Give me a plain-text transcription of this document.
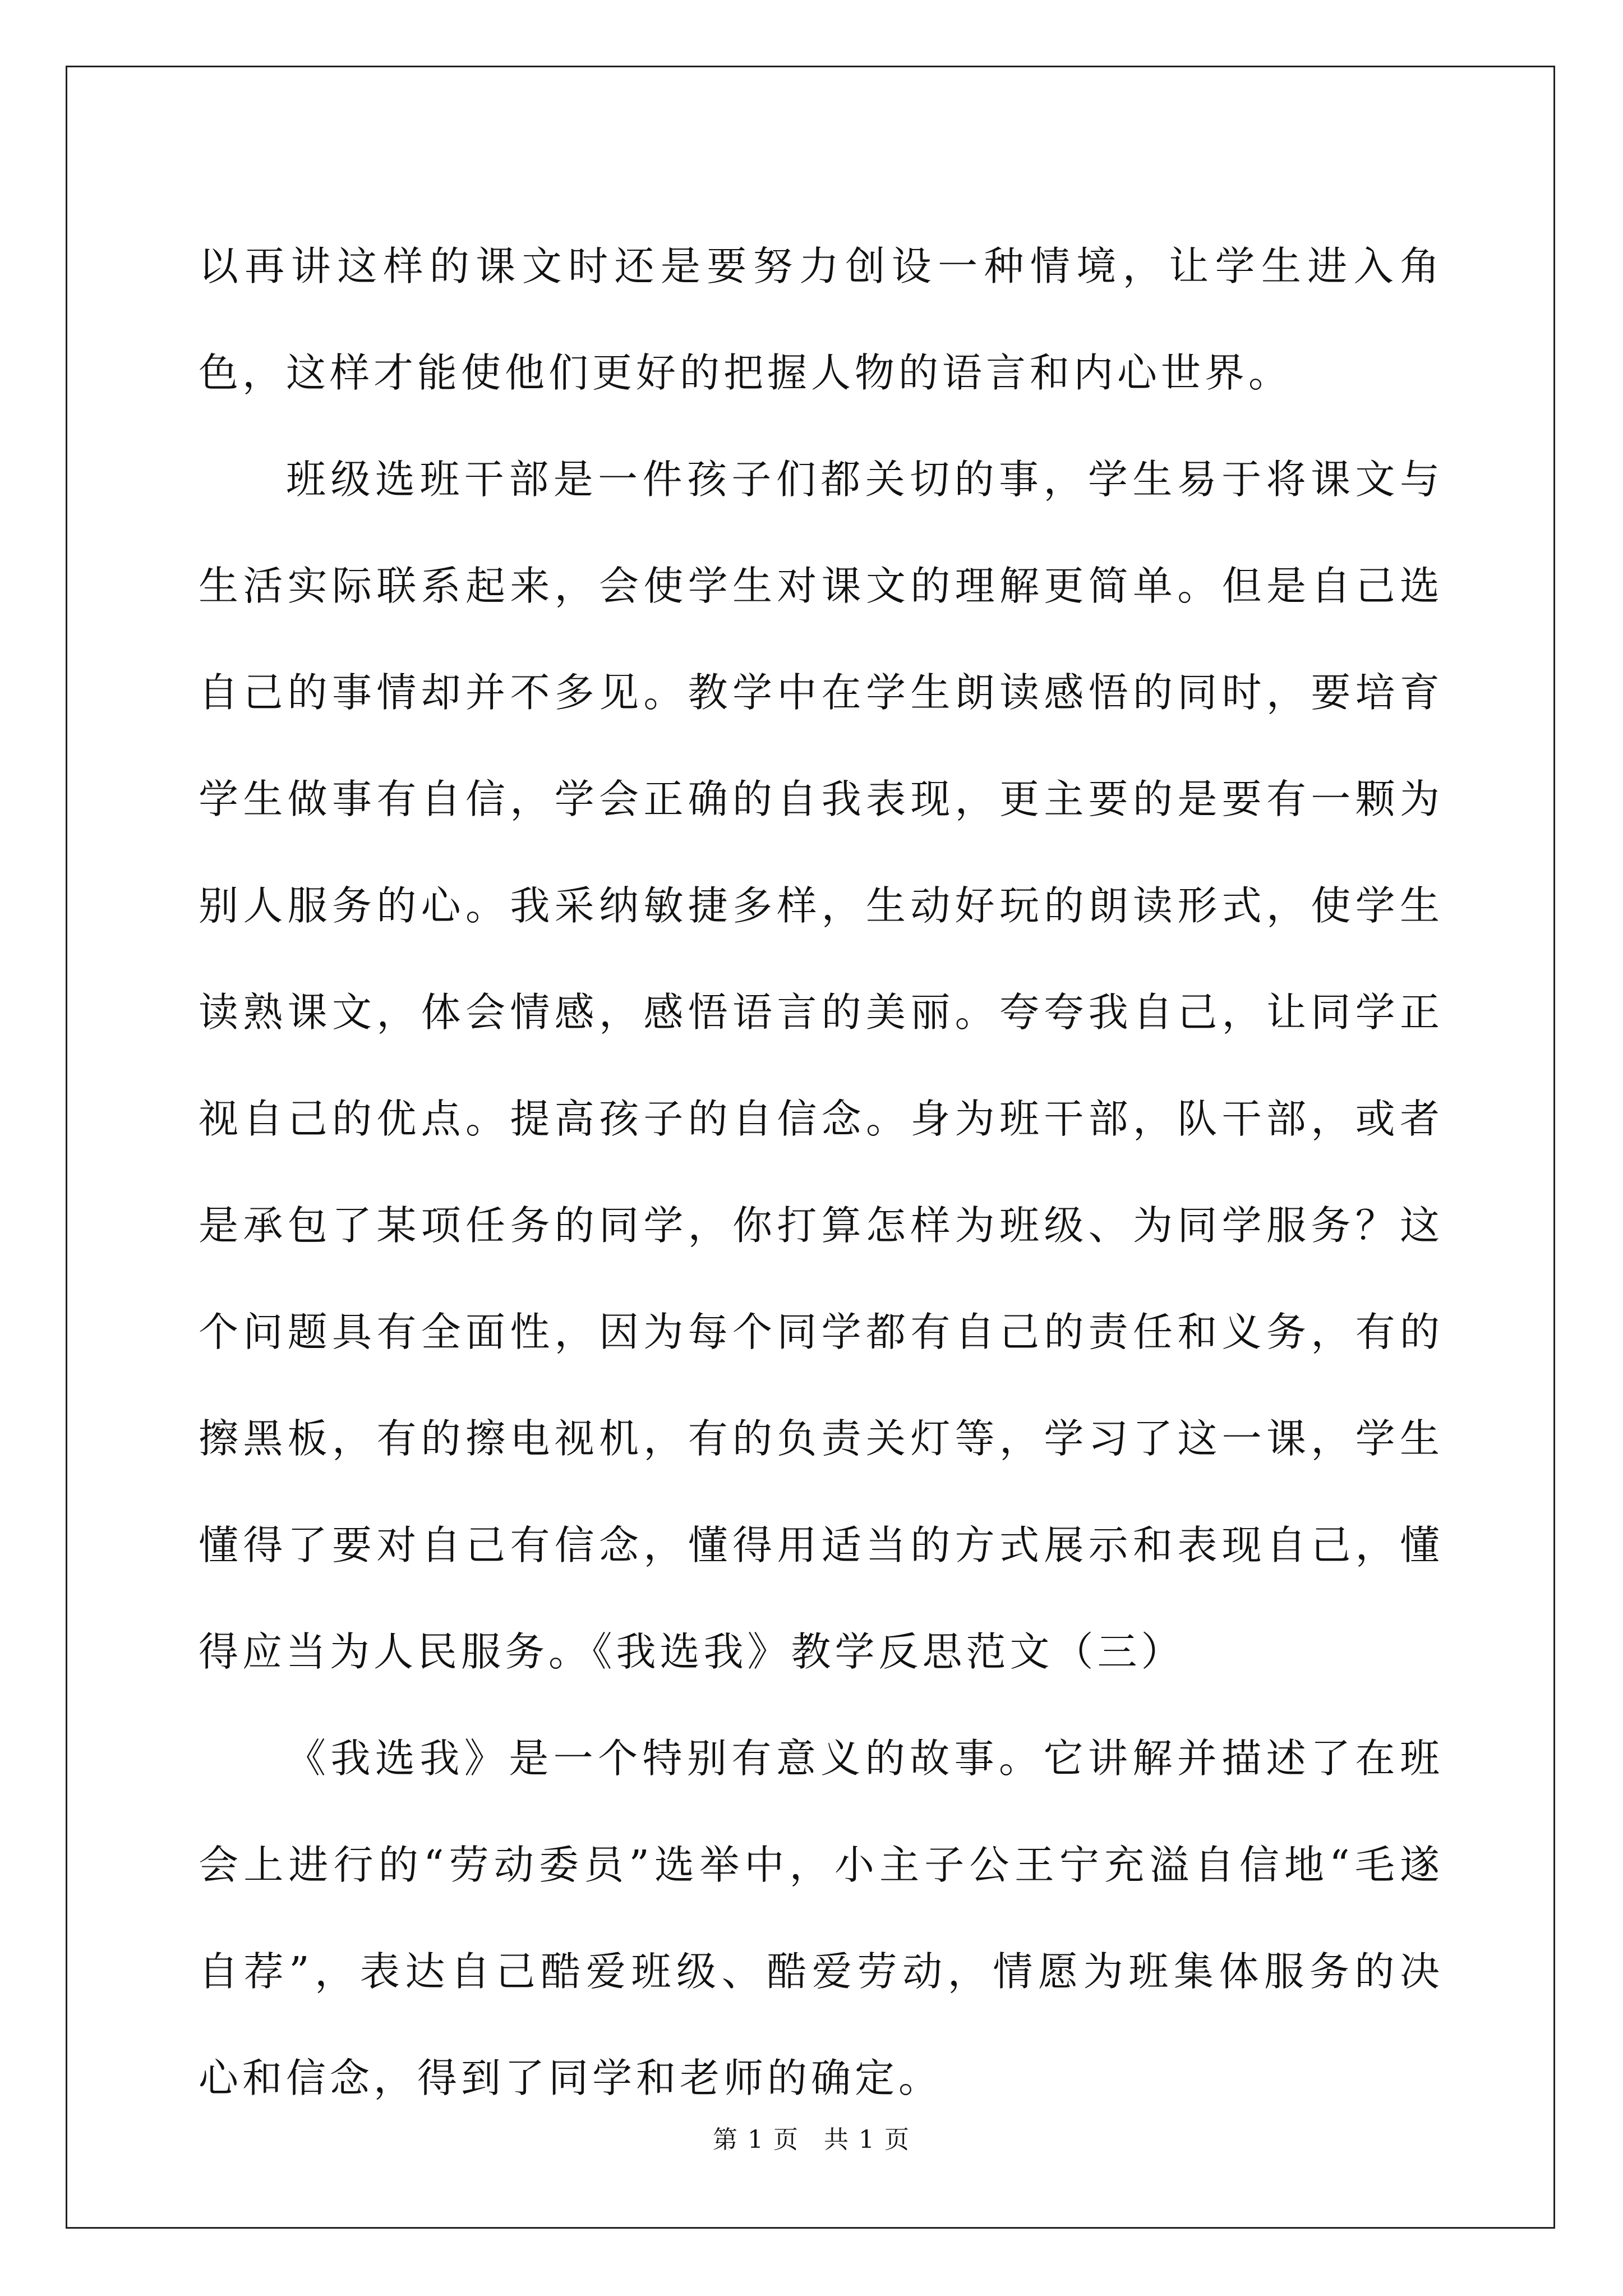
以再讲这样的课文时还是要努力创设一种情境，让学生进入角色，这样才能使他们更好的把握人物的语言和内心世界。

班级选班干部是一件孩子们都关切的事，学生易于将课文与生活实际联系起来，会使学生对课文的理解更简单。但是自己选自己的事情却并不多见。教学中在学生朗读感悟的同时，要培育学生做事有自信，学会正确的自我表现，更主要的是要有一颗为别人服务的心。我采纳敏捷多样，生动好玩的朗读形式，使学生读熟课文，体会情感，感悟语言的美丽。夸夸我自己，让同学正视自己的优点。提高孩子的自信念。身为班干部，队干部，或者是承包了某项任务的同学，你打算怎样为班级、为同学服务？这个问题具有全面性，因为每个同学都有自己的责任和义务，有的擦黑板，有的擦电视机，有的负责关灯等，学习了这一课，学生懂得了要对自己有信念，懂得用适当的方式展示和表现自己，懂得应当为人民服务。《我选我》教学反思范文（三）

《我选我》是一个特别有意义的故事。它讲解并描述了在班会上进行的“劳动委员”选举中，小主子公王宁充溢自信地“毛遂自荐”，表达自己酷爱班级、酷爱劳动，情愿为班集体服务的决心和信念，得到了同学和老师的确定。

第 1 页 共 1 页
